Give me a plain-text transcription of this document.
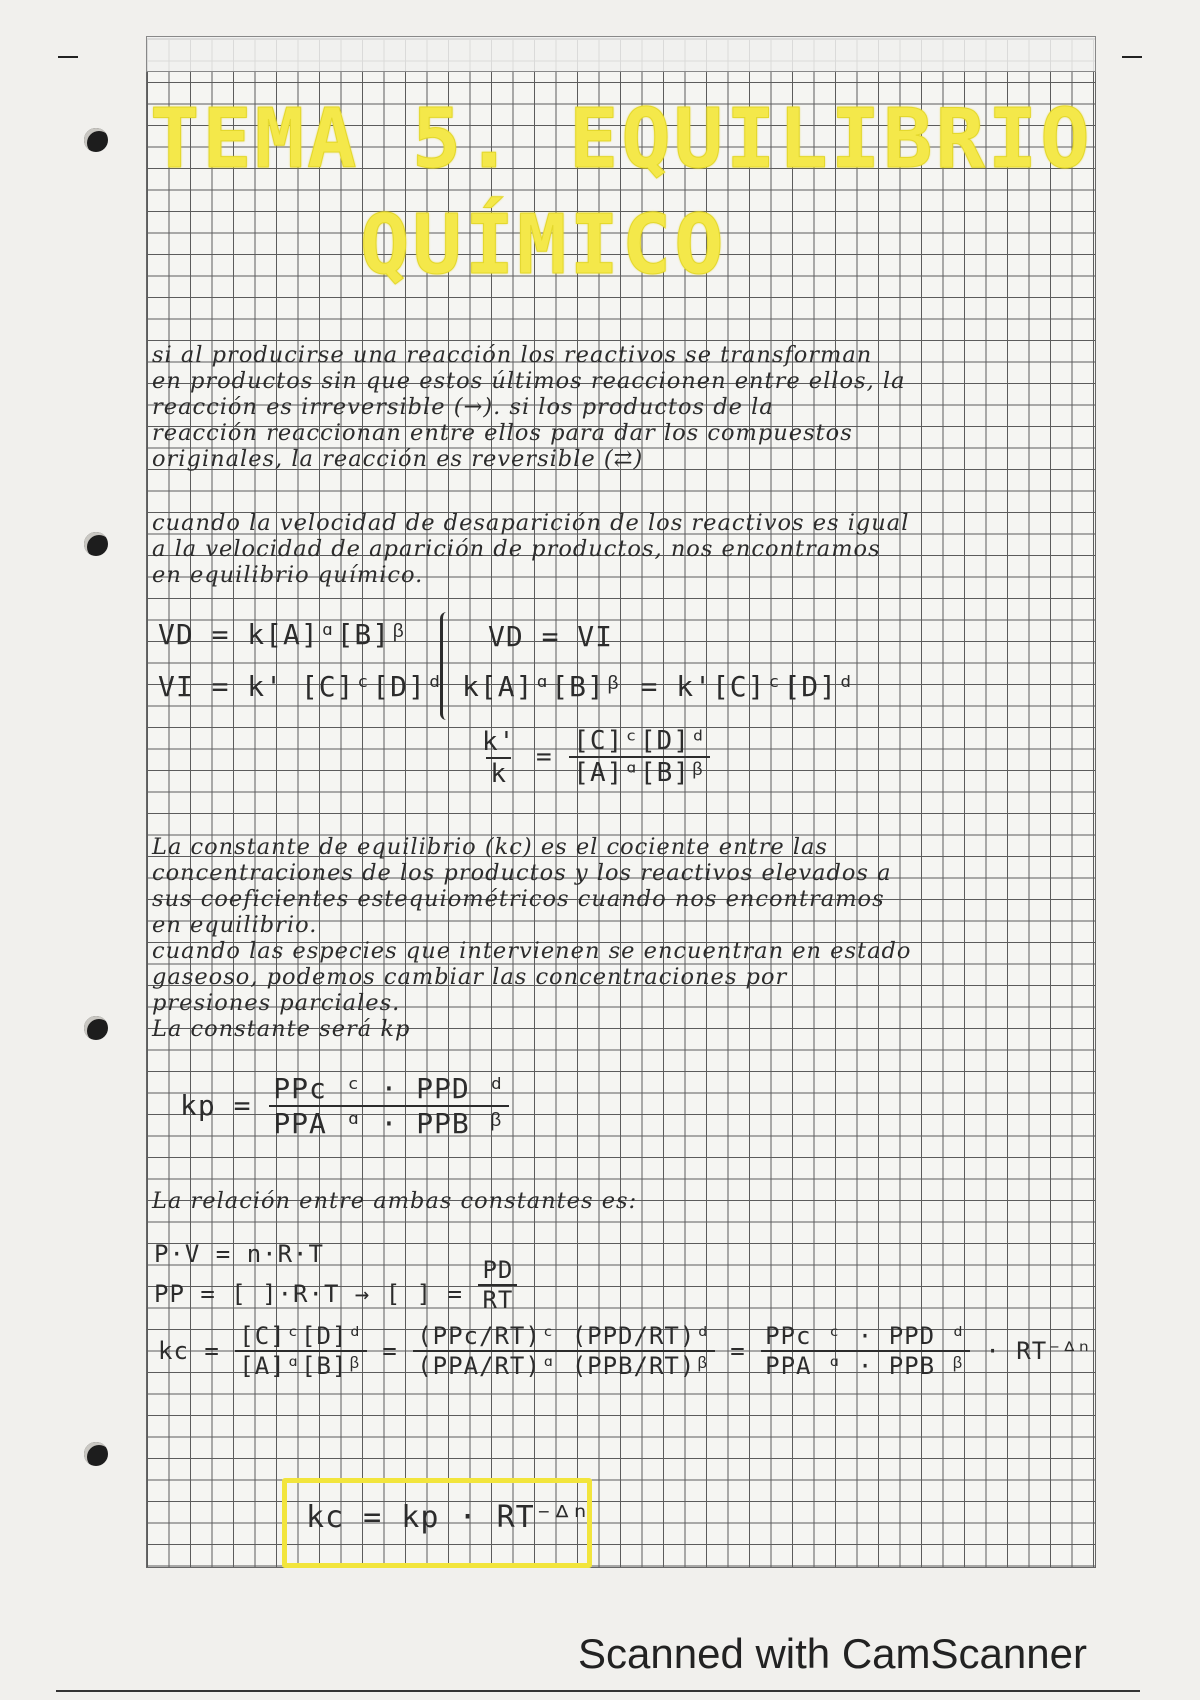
TEMA 5. EQUILIBRIO
QUÍMICO
si al producirse una reacción los reactivos se transforman
en productos sin que estos últimos reaccionen entre ellos, la
reacción es irreversible (→). si los productos de la
reacción reaccionan entre ellos para dar los compuestos
originales, la reacción es reversible (⇄)
cuando la velocidad de desaparición de los reactivos es igual
a la velocidad de aparición de productos, nos encontramos
en equilibrio químico.
VD = k[A]ᵅ[B]ᵝ
VI = k' [C]ᶜ[D]ᵈ
VD = VI
k[A]ᵅ[B]ᵝ = k'[C]ᶜ[D]ᵈ
$\frac{k'}{k} = \frac{\text{[C]ᶜ[D]ᵈ}}{\text{[A]ᵅ[B]ᵝ}}$
La constante de equilibrio (kc) es el cociente entre las
concentraciones de los productos y los reactivos elevados a
sus coeficientes estequiométricos cuando nos encontramos
en equilibrio.
cuando las especies que intervienen se encuentran en estado
gaseoso, podemos cambiar las concentraciones por
presiones parciales.
La constante será kp
kp = $\frac{\text{PPc ᶜ · PPD ᵈ}}{\text{PPA ᵅ · PPB ᵝ}}$
La relación entre ambas constantes es:
P·V = n·R·T
PP = [ ]·R·T → [ ] = $\frac{PD}{RT}$
kc = $\frac{\text{[C]ᶜ[D]ᵈ}}{\text{[A]ᵅ[B]ᵝ}} = \frac{\text{(PPc/RT)ᶜ (PPD/RT)ᵈ}}{\text{(PPA/RT)ᵅ (PPB/RT)ᵝ}} = \frac{\text{PPc ᶜ · PPD ᵈ}}{\text{PPA ᵅ · PPB ᵝ}}$ · RT⁻ᐞⁿ
kc = kp · RT⁻ᐞⁿ
Scanned with CamScanner
